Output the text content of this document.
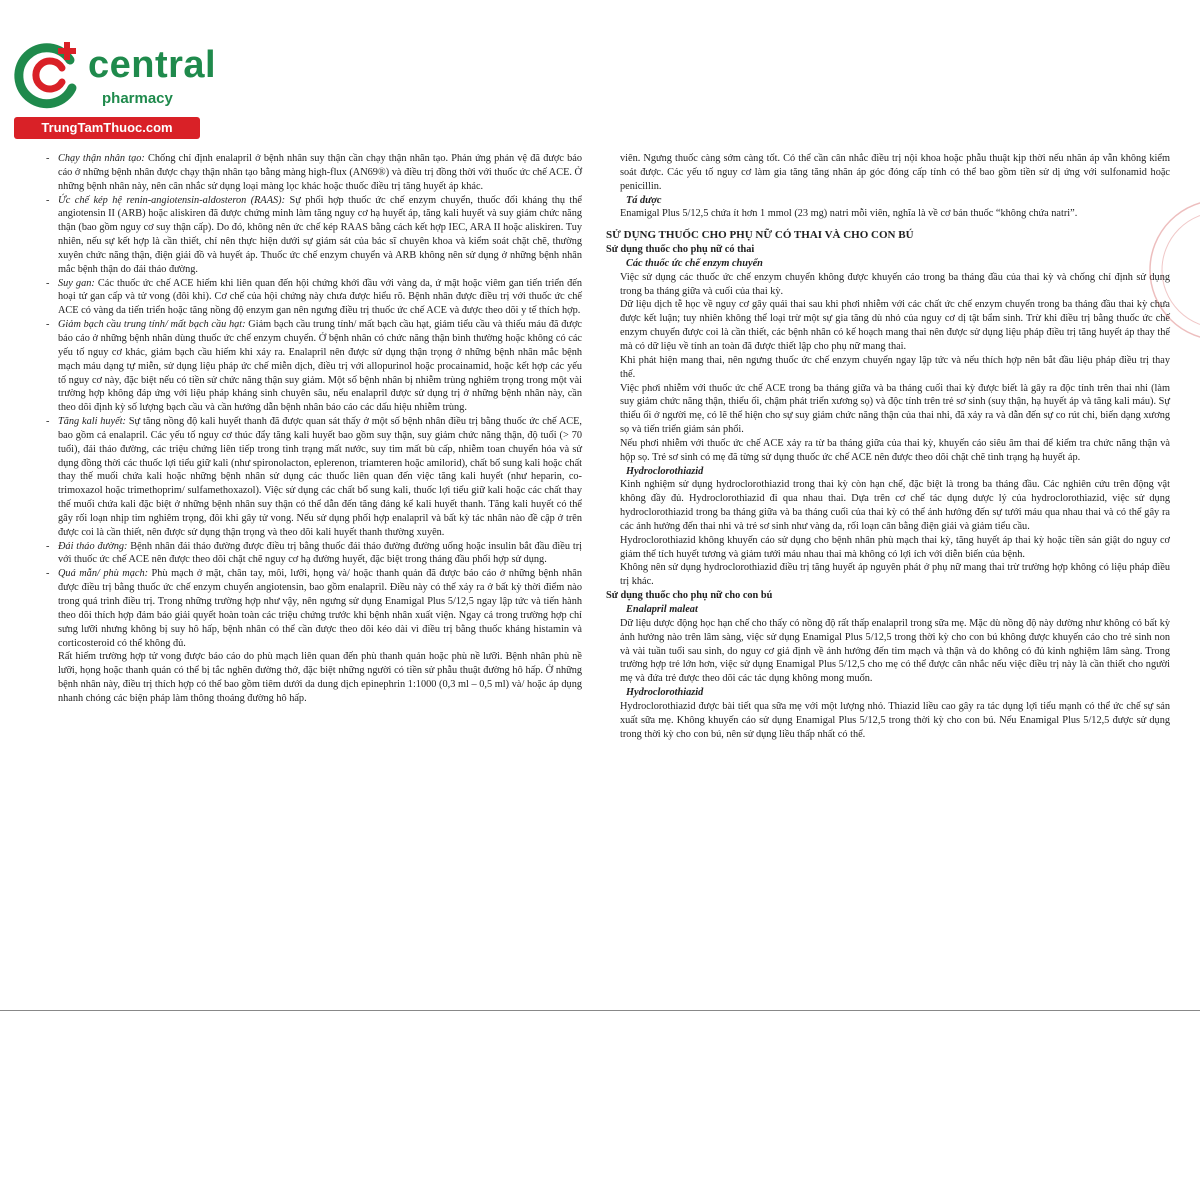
central
pharmacy
TrungTamThuoc.com

- Chạy thận nhân tạo: Chống chỉ định enalapril ở bệnh nhân suy thận cần chạy thận nhân tạo. Phản ứng phản vệ đã được báo cáo ở những bệnh nhân được chạy thận nhân tạo bằng màng high-flux (AN69®) và điều trị đồng thời với thuốc ức chế ACE. Ở những bệnh nhân này, nên cân nhắc sử dụng loại màng lọc khác hoặc thuốc điều trị tăng huyết áp khác.

- Ức chế kép hệ renin-angiotensin-aldosteron (RAAS): Sự phối hợp thuốc ức chế enzym chuyển, thuốc đối kháng thụ thể angiotensin II (ARB) hoặc aliskiren đã được chứng minh làm tăng nguy cơ hạ huyết áp, tăng kali huyết và suy giảm chức năng thận (bao gồm nguy cơ suy thận cấp). Do đó, không nên ức chế kép RAAS bằng cách kết hợp IEC, ARA II hoặc aliskiren. Tuy nhiên, nếu sự kết hợp là cần thiết, chỉ nên thực hiện dưới sự giám sát của bác sĩ chuyên khoa và kiểm soát chặt chẽ, thường xuyên chức năng thận, điện giải đồ và huyết áp. Thuốc ức chế enzym chuyển và ARB không nên sử dụng ở những bệnh nhân mắc bệnh thận do đái tháo đường.

- Suy gan: Các thuốc ức chế ACE hiếm khi liên quan đến hội chứng khởi đầu với vàng da, ứ mật hoặc viêm gan tiến triển đến hoại tử gan cấp và tử vong (đôi khi). Cơ chế của hội chứng này chưa được hiểu rõ. Bệnh nhân được điều trị với thuốc ức chế ACE có vàng da tiến triển hoặc tăng nồng độ enzym gan nên ngưng điều trị thuốc ức chế ACE và được theo dõi y tế thích hợp.

- Giảm bạch cầu trung tính/ mất bạch cầu hạt: Giảm bạch cầu trung tính/ mất bạch cầu hạt, giảm tiểu cầu và thiếu máu đã được báo cáo ở những bệnh nhân dùng thuốc ức chế enzym chuyển. Ở bệnh nhân có chức năng thận bình thường hoặc không có các yếu tố nguy cơ khác, giảm bạch cầu hiếm khi xảy ra. Enalapril nên được sử dụng thận trọng ở những bệnh nhân mắc bệnh mạch máu dạng tự miễn, sử dụng liệu pháp ức chế miễn dịch, điều trị với allopurinol hoặc procainamid, hoặc kết hợp các yếu tố nguy cơ này, đặc biệt nếu có tiền sử chức năng thận suy giảm. Một số bệnh nhân bị nhiễm trùng nghiêm trọng trong một vài trường hợp không đáp ứng với liệu pháp kháng sinh chuyên sâu, nếu enalapril được sử dụng trị ở những bệnh nhân này, cần theo dõi định kỳ số lượng bạch cầu và cần hướng dẫn bệnh nhân báo cáo các dấu hiệu nhiễm trùng.

- Tăng kali huyết: Sự tăng nồng độ kali huyết thanh đã được quan sát thấy ở một số bệnh nhân điều trị bằng thuốc ức chế ACE, bao gồm cả enalapril. Các yếu tố nguy cơ thúc đẩy tăng kali huyết bao gồm suy thận, suy giảm chức năng thận, độ tuổi (> 70 tuổi), đái tháo đường, các triệu chứng liên tiếp trong tình trạng mất nước, suy tim mất bù cấp, nhiễm toan chuyển hóa và sử dụng đồng thời các thuốc lợi tiểu giữ kali (như spironolacton, eplerenon, triamteren hoặc amilorid), chất bổ sung kali hoặc chất thay thế muối chứa kali hoặc những bệnh nhân sử dụng các thuốc liên quan đến việc tăng kali huyết (như heparin, co-trimoxazol hoặc trimethoprim/ sulfamethoxazol). Việc sử dụng các chất bổ sung kali, thuốc lợi tiểu giữ kali hoặc các chất thay thế muối chứa kali đặc biệt ở những bệnh nhân suy thận có thể dẫn đến tăng đáng kể kali huyết thanh. Tăng kali huyết có thể gây rối loạn nhịp tim nghiêm trọng, đôi khi gây tử vong. Nếu sử dụng phối hợp enalapril và bất kỳ tác nhân nào đề cập ở trên được coi là cần thiết, nên được sử dụng thận trọng và theo dõi kali huyết thanh thường xuyên.

- Đái tháo đường: Bệnh nhân đái tháo đường được điều trị bằng thuốc đái tháo đường đường uống hoặc insulin bắt đầu điều trị với thuốc ức chế ACE nên được theo dõi chặt chẽ nguy cơ hạ đường huyết, đặc biệt trong tháng đầu phối hợp sử dụng.

- Quá mẫn/ phù mạch: Phù mạch ở mặt, chân tay, môi, lưỡi, họng và/ hoặc thanh quản đã được báo cáo ở những bệnh nhân được điều trị bằng thuốc ức chế enzym chuyển angiotensin, bao gồm enalapril. Điều này có thể xảy ra ở bất kỳ thời điểm nào trong quá trình điều trị. Trong những trường hợp như vậy, nên ngưng sử dụng Enamigal Plus 5/12,5 ngay lập tức và tiến hành theo dõi thích hợp đảm bảo giải quyết hoàn toàn các triệu chứng trước khi bệnh nhân xuất viện. Ngay cả trong trường hợp chỉ sưng lưỡi nhưng không bị suy hô hấp, bệnh nhân có thể cần được theo dõi kéo dài vì điều trị bằng thuốc kháng histamin và corticosteroid có thể không đủ.

Rất hiếm trường hợp tử vong được báo cáo do phù mạch liên quan đến phù thanh quản hoặc phù nề lưỡi. Bệnh nhân phù nề lưỡi, họng hoặc thanh quản có thể bị tắc nghẽn đường thở, đặc biệt những người có tiền sử phẫu thuật đường hô hấp. Ở những bệnh nhân này, điều trị thích hợp có thể bao gồm tiêm dưới da dung dịch epinephrin 1:1000 (0,3 ml – 0,5 ml) và/ hoặc áp dụng nhanh chóng các biện pháp làm thông thoáng đường hô hấp.

viên. Ngưng thuốc càng sớm càng tốt. Có thể cần cân nhắc điều trị nội khoa hoặc phẫu thuật kịp thời nếu nhãn áp vẫn không kiểm soát được. Các yếu tố nguy cơ làm gia tăng tăng nhãn áp góc đóng cấp tính có thể bao gồm tiền sử dị ứng với sulfonamid hoặc penicillin.

Tá dược

Enamigal Plus 5/12,5 chứa ít hơn 1 mmol (23 mg) natri mỗi viên, nghĩa là về cơ bản thuốc “không chứa natri”.

SỬ DỤNG THUỐC CHO PHỤ NỮ CÓ THAI VÀ CHO CON BÚ

Sử dụng thuốc cho phụ nữ có thai

Các thuốc ức chế enzym chuyển

Việc sử dụng các thuốc ức chế enzym chuyển không được khuyến cáo trong ba tháng đầu của thai kỳ và chống chỉ định sử dụng trong ba tháng giữa và cuối của thai kỳ.

Dữ liệu dịch tễ học về nguy cơ gây quái thai sau khi phơi nhiễm với các chất ức chế enzym chuyển trong ba tháng đầu thai kỳ chưa được kết luận; tuy nhiên không thể loại trừ một sự gia tăng dù nhỏ của nguy cơ dị tật bẩm sinh. Trừ khi điều trị bằng thuốc ức chế enzym chuyển được coi là cần thiết, các bệnh nhân có kế hoạch mang thai nên được sử dụng liệu pháp điều trị tăng huyết áp thay thế mà có dữ liệu về tính an toàn đã được thiết lập cho phụ nữ mang thai.

Khi phát hiện mang thai, nên ngưng thuốc ức chế enzym chuyển ngay lập tức và nếu thích hợp nên bắt đầu liệu pháp điều trị thay thế.

Việc phơi nhiễm với thuốc ức chế ACE trong ba tháng giữa và ba tháng cuối thai kỳ được biết là gây ra độc tính trên thai nhi (làm suy giảm chức năng thận, thiểu ối, chậm phát triển xương sọ) và độc tính trên trẻ sơ sinh (suy thận, hạ huyết áp và tăng kali máu). Sự thiểu ối ở người mẹ, có lẽ thể hiện cho sự suy giảm chức năng thận của thai nhi, đã xảy ra và dẫn đến sự co rút chi, biến dạng xương sọ và tiến triển giảm sản phổi.

Nếu phơi nhiễm với thuốc ức chế ACE xảy ra từ ba tháng giữa của thai kỳ, khuyến cáo siêu âm thai để kiểm tra chức năng thận và hộp sọ. Trẻ sơ sinh có mẹ đã từng sử dụng thuốc ức chế ACE nên được theo dõi chặt chẽ tình trạng hạ huyết áp.

Hydroclorothiazid

Kinh nghiệm sử dụng hydroclorothiazid trong thai kỳ còn hạn chế, đặc biệt là trong ba tháng đầu. Các nghiên cứu trên động vật không đầy đủ. Hydroclorothiazid đi qua nhau thai. Dựa trên cơ chế tác dụng dược lý của hydroclorothiazid, việc sử dụng hydroclorothiazid trong ba tháng giữa và ba tháng cuối của thai kỳ có thể ảnh hưởng đến sự tưới máu qua nhau thai và có thể gây ra các ảnh hưởng đến thai nhi và trẻ sơ sinh như vàng da, rối loạn cân bằng điện giải và giảm tiểu cầu.

Hydroclorothiazid không khuyến cáo sử dụng cho bệnh nhân phù mạch thai kỳ, tăng huyết áp thai kỳ hoặc tiền sản giật do nguy cơ giảm thể tích huyết tương và giảm tưới máu nhau thai mà không có lợi ích với diễn biến của bệnh.

Không nên sử dụng hydroclorothiazid điều trị tăng huyết áp nguyên phát ở phụ nữ mang thai trừ trường hợp không có liệu pháp điều trị khác.

Sử dụng thuốc cho phụ nữ cho con bú

Enalapril maleat

Dữ liệu dược động học hạn chế cho thấy có nồng độ rất thấp enalapril trong sữa mẹ. Mặc dù nồng độ này dường như không có bất kỳ ảnh hưởng nào trên lâm sàng, việc sử dụng Enamigal Plus 5/12,5 trong thời kỳ cho con bú không được khuyến cáo cho trẻ sinh non và vài tuần tuổi sau sinh, do nguy cơ giả định về ảnh hưởng đến tim mạch và thận và do không có đủ kinh nghiệm lâm sàng. Trong trường hợp trẻ lớn hơn, việc sử dụng Enamigal Plus 5/12,5 cho mẹ có thể được cân nhắc nếu việc điều trị này là cần thiết cho người mẹ và đứa trẻ được theo dõi các tác dụng không mong muốn.

Hydroclorothiazid

Hydroclorothiazid được bài tiết qua sữa mẹ với một lượng nhỏ. Thiazid liều cao gây ra tác dụng lợi tiểu mạnh có thể ức chế sự sản xuất sữa mẹ. Không khuyến cáo sử dụng Enamigal Plus 5/12,5 trong thời kỳ cho con bú. Nếu Enamigal Plus 5/12,5 được sử dụng trong thời kỳ cho con bú, nên sử dụng liều thấp nhất có thể.
